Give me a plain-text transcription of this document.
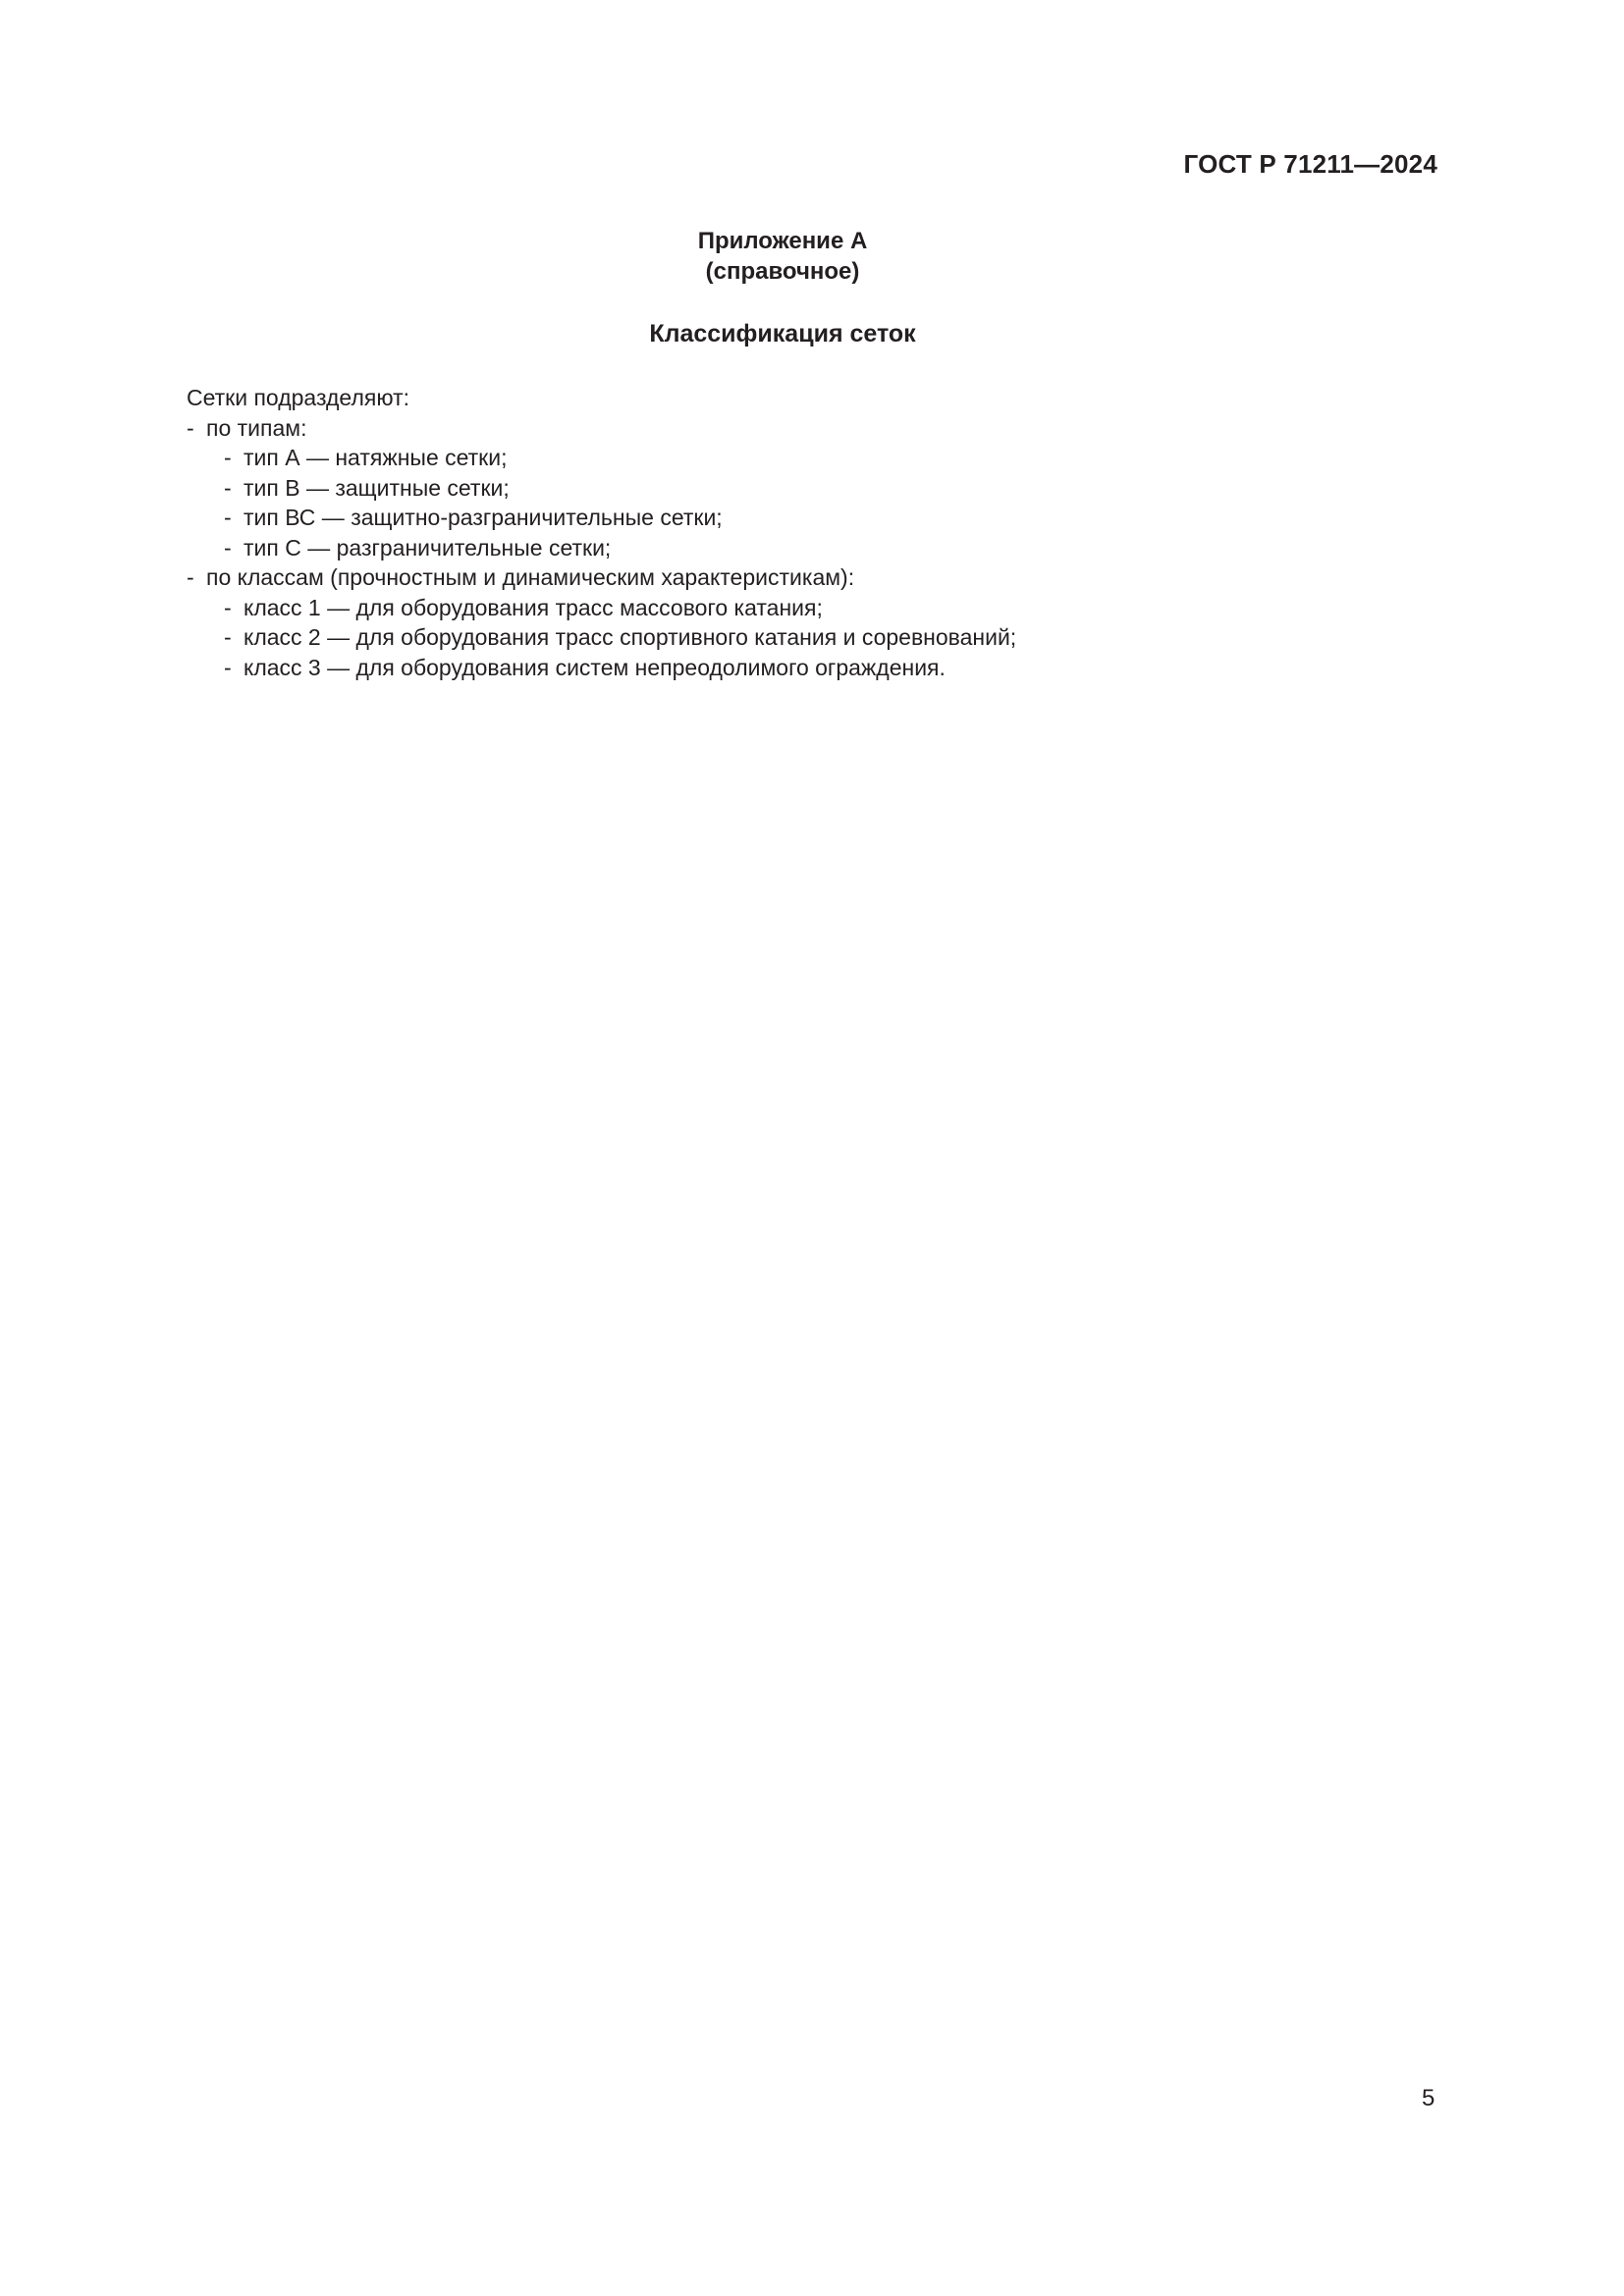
ГОСТ Р 71211—2024
Приложение А
(справочное)
Классификация сеток
Сетки подразделяют:
- по типам:
- тип А — натяжные сетки;
- тип В — защитные сетки;
- тип ВС — защитно-разграничительные сетки;
- тип С — разграничительные сетки;
- по классам (прочностным и динамическим характеристикам):
- класс 1 — для оборудования трасс массового катания;
- класс 2 — для оборудования трасс спортивного катания и соревнований;
- класс 3 — для оборудования систем непреодолимого ограждения.
5
